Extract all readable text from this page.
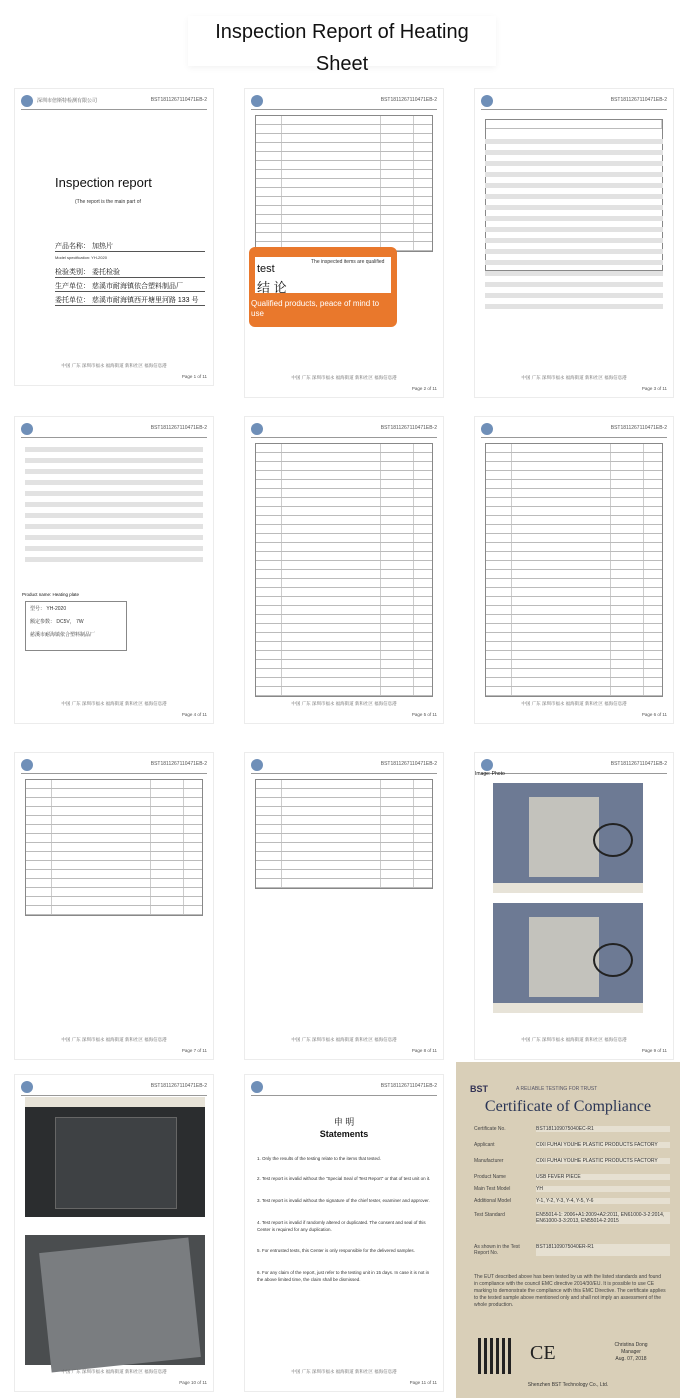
Inspection Report of Heating Sheet
深圳市倍斯特检测有限公司	BST1811267110471EB-2
Inspection report
(The report is the main part of
产品名称： 加热片
Model specification: YH-2020
检验类别： 委托检验
生产单位： 慈溪市耐海镇依合塑料制品厂
委托单位： 慈溪市耐海镇西开塘里河路 133 号
中国 广东 深圳市福永 福海街道 新和社区 福海信息港
Page 1 of 11
BST1811267110471EB-2
The inspected items are qualified
test
结 论
Qualified products, peace of mind to use
中国 广东 深圳市福永 福海街道 新和社区 福海信息港
Page 2 of 11
BST1811267110471EB-2
中国 广东 深圳市福永 福海街道 新和社区 福海信息港
Page 3 of 11
BST1811267110471EB-2
Product name: Heating plate
型号： YH-2020
额定参数： DC5V， 7W
慈溪市耐海镇依合塑料制品厂
中国 广东 深圳市福永 福海街道 新和社区 福海信息港
Page 4 of 11
BST1811267110471EB-2
中国 广东 深圳市福永 福海街道 新和社区 福海信息港
Page 5 of 11
BST1811267110471EB-2
中国 广东 深圳市福永 福海街道 新和社区 福海信息港
Page 6 of 11
BST1811267110471EB-2
中国 广东 深圳市福永 福海街道 新和社区 福海信息港
Page 7 of 11
BST1811267110471EB-2
中国 广东 深圳市福永 福海街道 新和社区 福海信息港
Page 8 of 11
BST1811267110471EB-2
Image: Photo
中国 广东 深圳市福永 福海街道 新和社区 福海信息港
Page 9 of 11
BST1811267110471EB-2
中国 广东 深圳市福永 福海街道 新和社区 福海信息港
Page 10 of 11
BST1811267110471EB-2
申 明
Statements
1. Only the results of the testing relate to the items that tested.
2. Test report is invalid without the "Special Seal of Test Report" or that of test unit on it.
3. Test report is invalid without the signature of the chief tester, examiner and approver.
4. Test report is invalid if randomly altered or duplicated. The consent and seal of this Center is required for any duplication.
5. For entrusted tests, this Center is only responsible for the delivered samples.
6. For any claim of the report, just refer to the testing unit in 15 days. In case it is not in the above limited time, the claim shall be dismissed.
中国 广东 深圳市福永 福海街道 新和社区 福海信息港
Page 11 of 11
BST	A RELIABLE TESTING FOR TRUST
Certificate of Compliance
Certificate No.	BST181109075040EC-R1
Applicant	CIXI FUHAI YOUHE PLASTIC PRODUCTS FACTORY
Manufacturer	CIXI FUHAI YOUHE PLASTIC PRODUCTS FACTORY
Product Name	USB FEVER PIECE
Main Test Model	YH
Additional Model	Y-1, Y-2, Y-3, Y-4, Y-5, Y-6
Test Standard	EN55014-1: 2006+A1:2009+A2:2011, EN61000-3-2:2014, EN61000-3-3:2013, EN55014-2:2015
As shown in the Test Report No.
BST181109075040ER-R1
The EUT described above has been tested by us with the listed standards and found in compliance with the council EMC directive 2014/30/EU. It is possible to use CE marking to demonstrate the compliance with this EMC Directive. The certificate applies to the tested sample above mentioned only and shall not imply an assessment of the whole production.
CE	Christina Dong
Manager
Aug. 07, 2018
Shenzhen BST Technology Co., Ltd.
